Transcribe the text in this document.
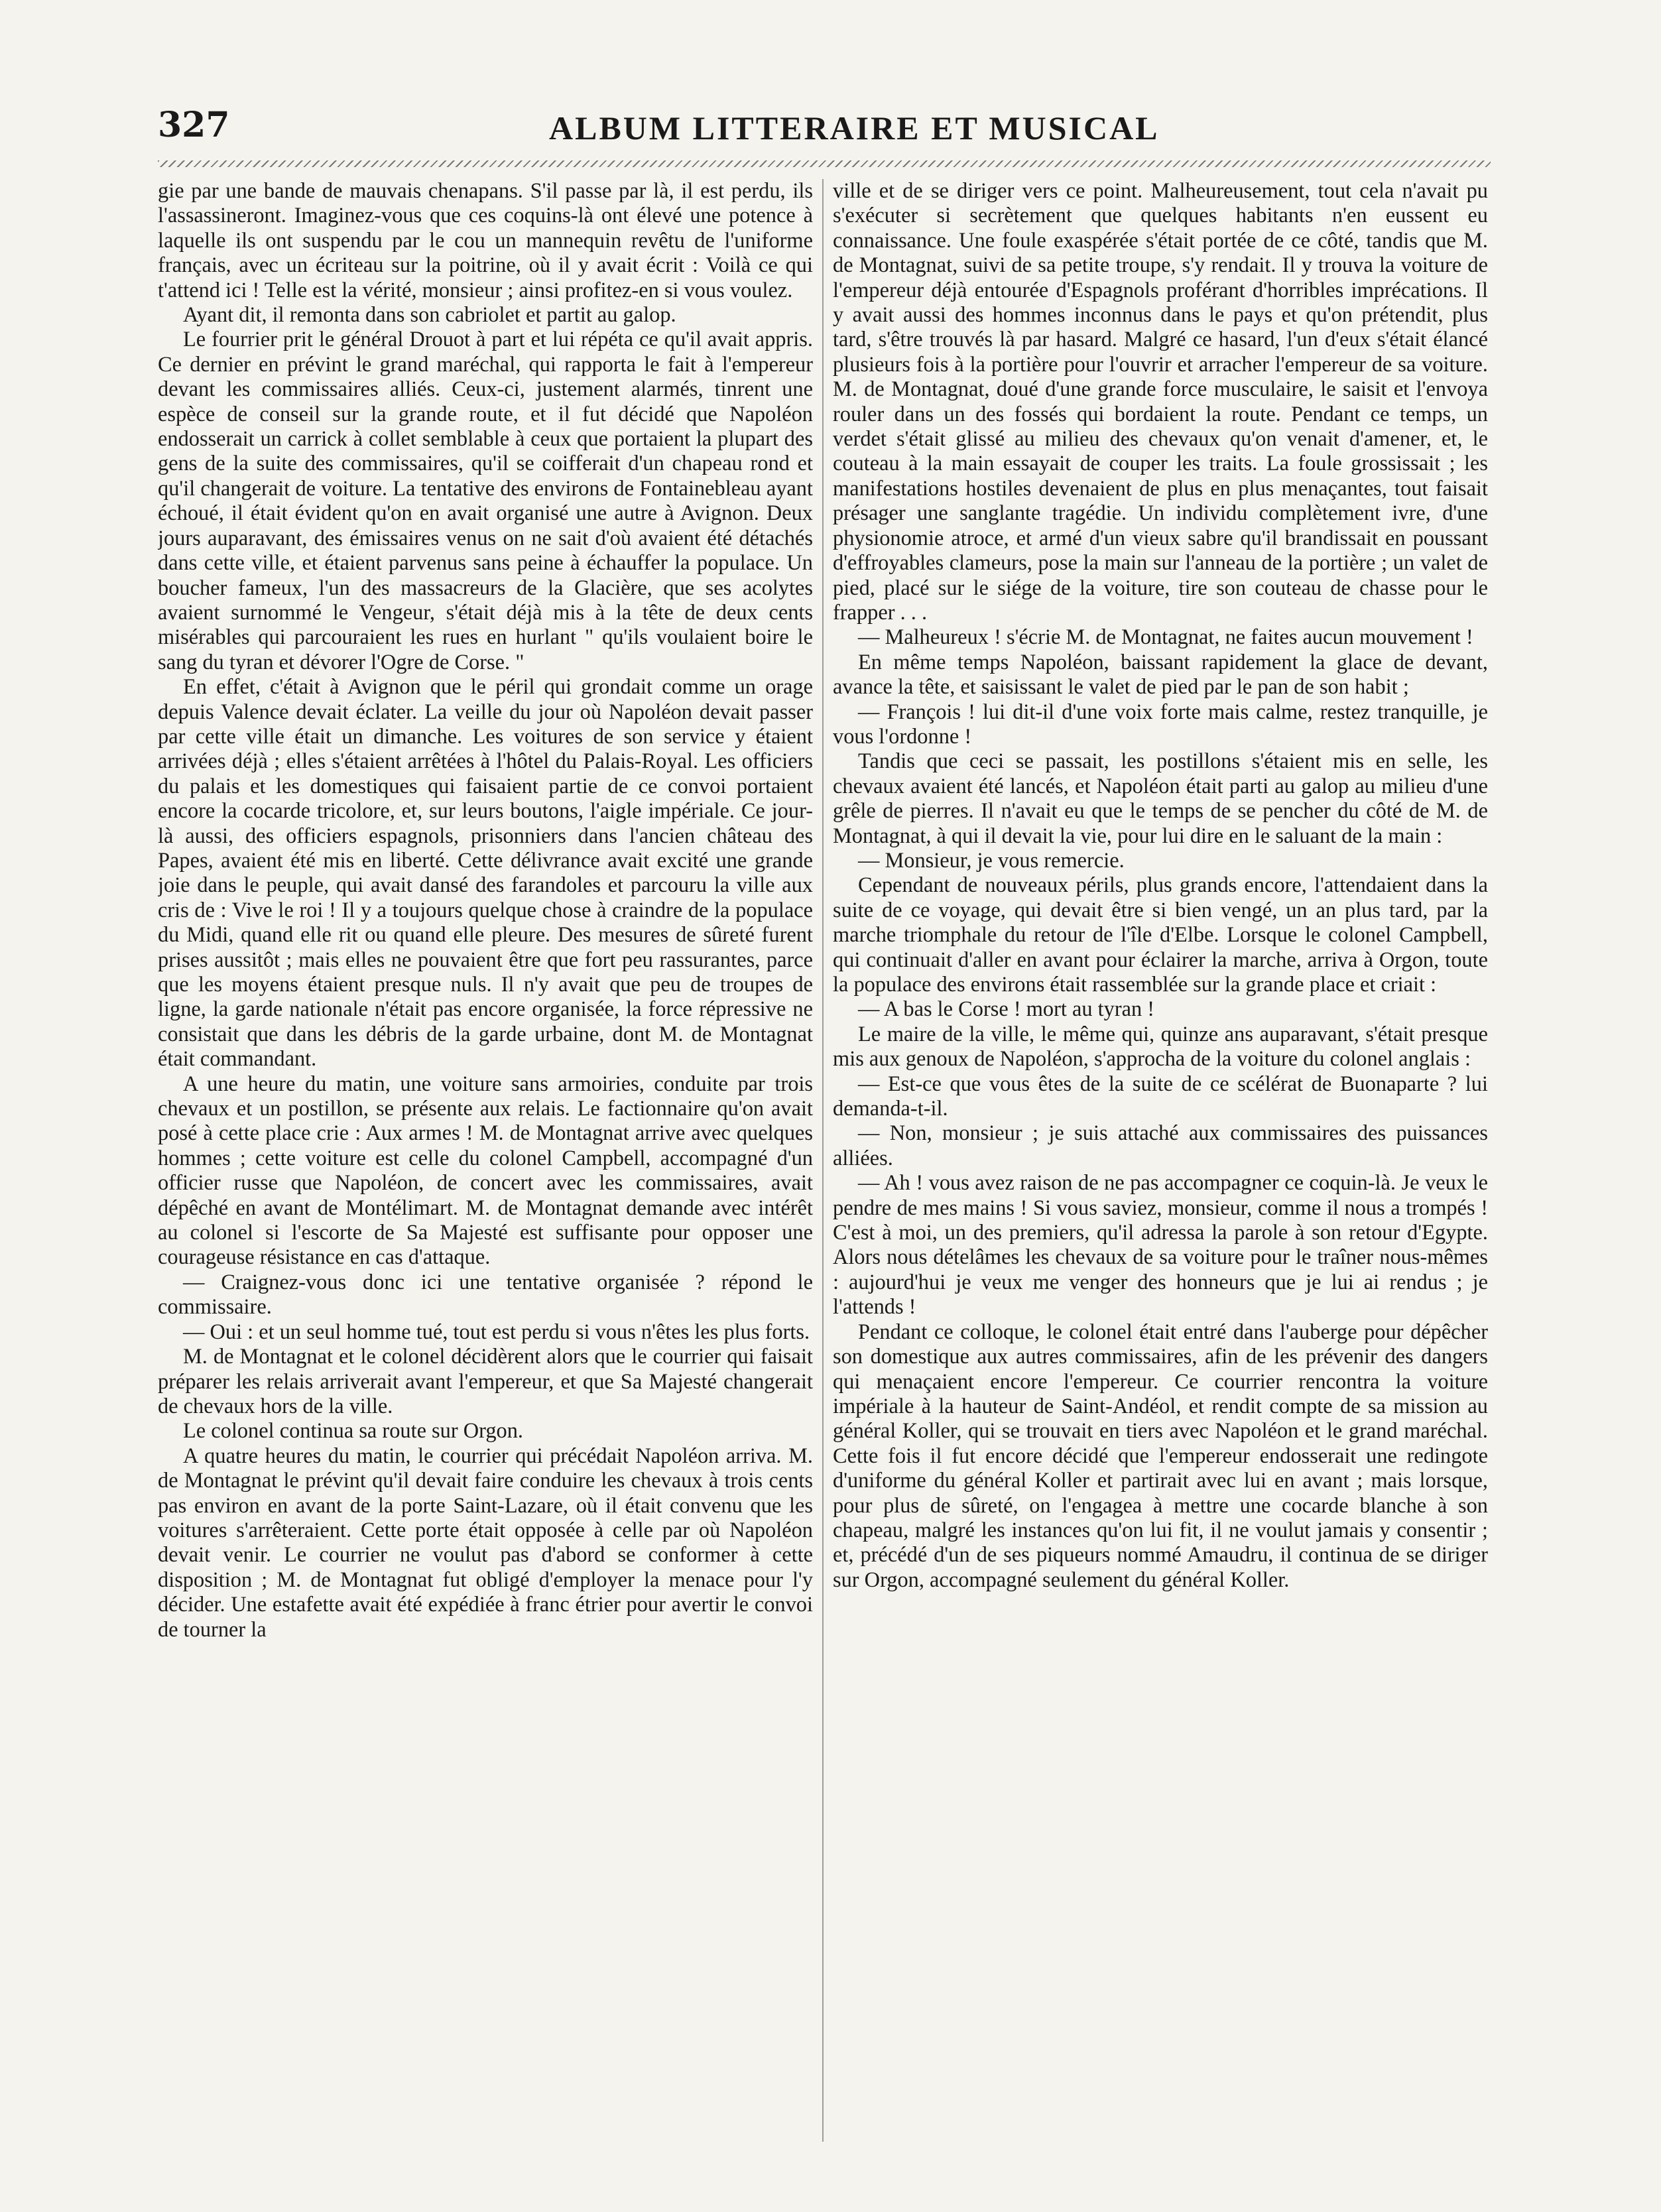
327	ALBUM LITTERAIRE ET MUSICAL

gie par une bande de mauvais chenapans. S'il passe par là, il est perdu, ils l'assassineront. Imaginez-vous que ces coquins-là ont élevé une potence à laquelle ils ont suspendu par le cou un mannequin revêtu de l'uniforme français, avec un écriteau sur la poitrine, où il y avait écrit : Voilà ce qui t'attend ici ! Telle est la vérité, monsieur ; ainsi profitez-en si vous voulez.

Ayant dit, il remonta dans son cabriolet et partit au galop.

Le fourrier prit le général Drouot à part et lui répéta ce qu'il avait appris. Ce dernier en prévint le grand maréchal, qui rapporta le fait à l'empereur devant les commissaires alliés. Ceux-ci, justement alarmés, tinrent une espèce de conseil sur la grande route, et il fut décidé que Napoléon endosserait un carrick à collet semblable à ceux que portaient la plupart des gens de la suite des commissaires, qu'il se coifferait d'un chapeau rond et qu'il changerait de voiture. La tentative des environs de Fontainebleau ayant échoué, il était évident qu'on en avait organisé une autre à Avignon. Deux jours auparavant, des émissaires venus on ne sait d'où avaient été détachés dans cette ville, et étaient parvenus sans peine à échauffer la populace. Un boucher fameux, l'un des massacreurs de la Glacière, que ses acolytes avaient surnommé le Vengeur, s'était déjà mis à la tête de deux cents misérables qui parcouraient les rues en hurlant " qu'ils voulaient boire le sang du tyran et dévorer l'Ogre de Corse. "

En effet, c'était à Avignon que le péril qui grondait comme un orage depuis Valence devait éclater. La veille du jour où Napoléon devait passer par cette ville était un dimanche. Les voitures de son service y étaient arrivées déjà ; elles s'étaient arrêtées à l'hôtel du Palais-Royal. Les officiers du palais et les domestiques qui faisaient partie de ce convoi portaient encore la cocarde tricolore, et, sur leurs boutons, l'aigle impériale. Ce jour-là aussi, des officiers espagnols, prisonniers dans l'ancien château des Papes, avaient été mis en liberté. Cette délivrance avait excité une grande joie dans le peuple, qui avait dansé des farandoles et parcouru la ville aux cris de : Vive le roi ! Il y a toujours quelque chose à craindre de la populace du Midi, quand elle rit ou quand elle pleure. Des mesures de sûreté furent prises aussitôt ; mais elles ne pouvaient être que fort peu rassurantes, parce que les moyens étaient presque nuls. Il n'y avait que peu de troupes de ligne, la garde nationale n'était pas encore organisée, la force répressive ne consistait que dans les débris de la garde urbaine, dont M. de Montagnat était commandant.

A une heure du matin, une voiture sans armoiries, conduite par trois chevaux et un postillon, se présente aux relais. Le factionnaire qu'on avait posé à cette place crie : Aux armes ! M. de Montagnat arrive avec quelques hommes ; cette voiture est celle du colonel Campbell, accompagné d'un officier russe que Napoléon, de concert avec les commissaires, avait dépêché en avant de Montélimart. M. de Montagnat demande avec intérêt au colonel si l'escorte de Sa Majesté est suffisante pour opposer une courageuse résistance en cas d'attaque.

— Craignez-vous donc ici une tentative organisée ? répond le commissaire.

— Oui : et un seul homme tué, tout est perdu si vous n'êtes les plus forts.

M. de Montagnat et le colonel décidèrent alors que le courrier qui faisait préparer les relais arriverait avant l'empereur, et que Sa Majesté changerait de chevaux hors de la ville.

Le colonel continua sa route sur Orgon.

A quatre heures du matin, le courrier qui précédait Napoléon arriva. M. de Montagnat le prévint qu'il devait faire conduire les chevaux à trois cents pas environ en avant de la porte Saint-Lazare, où il était convenu que les voitures s'arrêteraient. Cette porte était opposée à celle par où Napoléon devait venir. Le courrier ne voulut pas d'abord se conformer à cette disposition ; M. de Montagnat fut obligé d'employer la menace pour l'y décider. Une estafette avait été expédiée à franc étrier pour avertir le convoi de tourner la

ville et de se diriger vers ce point. Malheureusement, tout cela n'avait pu s'exécuter si secrètement que quelques habitants n'en eussent eu connaissance. Une foule exaspérée s'était portée de ce côté, tandis que M. de Montagnat, suivi de sa petite troupe, s'y rendait. Il y trouva la voiture de l'empereur déjà entourée d'Espagnols proférant d'horribles imprécations. Il y avait aussi des hommes inconnus dans le pays et qu'on prétendit, plus tard, s'être trouvés là par hasard. Malgré ce hasard, l'un d'eux s'était élancé plusieurs fois à la portière pour l'ouvrir et arracher l'empereur de sa voiture. M. de Montagnat, doué d'une grande force musculaire, le saisit et l'envoya rouler dans un des fossés qui bordaient la route. Pendant ce temps, un verdet s'était glissé au milieu des chevaux qu'on venait d'amener, et, le couteau à la main essayait de couper les traits. La foule grossissait ; les manifestations hostiles devenaient de plus en plus menaçantes, tout faisait présager une sanglante tragédie. Un individu complètement ivre, d'une physionomie atroce, et armé d'un vieux sabre qu'il brandissait en poussant d'effroyables clameurs, pose la main sur l'anneau de la portière ; un valet de pied, placé sur le siége de la voiture, tire son couteau de chasse pour le frapper . . .

— Malheureux ! s'écrie M. de Montagnat, ne faites aucun mouvement !

En même temps Napoléon, baissant rapidement la glace de devant, avance la tête, et saisissant le valet de pied par le pan de son habit ;

— François ! lui dit-il d'une voix forte mais calme, restez tranquille, je vous l'ordonne !

Tandis que ceci se passait, les postillons s'étaient mis en selle, les chevaux avaient été lancés, et Napoléon était parti au galop au milieu d'une grêle de pierres. Il n'avait eu que le temps de se pencher du côté de M. de Montagnat, à qui il devait la vie, pour lui dire en le saluant de la main :

— Monsieur, je vous remercie.

Cependant de nouveaux périls, plus grands encore, l'attendaient dans la suite de ce voyage, qui devait être si bien vengé, un an plus tard, par la marche triomphale du retour de l'île d'Elbe. Lorsque le colonel Campbell, qui continuait d'aller en avant pour éclairer la marche, arriva à Orgon, toute la populace des environs était rassemblée sur la grande place et criait :

— A bas le Corse ! mort au tyran !

Le maire de la ville, le même qui, quinze ans auparavant, s'était presque mis aux genoux de Napoléon, s'approcha de la voiture du colonel anglais :

— Est-ce que vous êtes de la suite de ce scélérat de Buonaparte ? lui demanda-t-il.

— Non, monsieur ; je suis attaché aux commissaires des puissances alliées.

— Ah ! vous avez raison de ne pas accompagner ce coquin-là. Je veux le pendre de mes mains ! Si vous saviez, monsieur, comme il nous a trompés ! C'est à moi, un des premiers, qu'il adressa la parole à son retour d'Egypte. Alors nous dételâmes les chevaux de sa voiture pour le traîner nous-mêmes : aujourd'hui je veux me venger des honneurs que je lui ai rendus ; je l'attends !

Pendant ce colloque, le colonel était entré dans l'auberge pour dépêcher son domestique aux autres commissaires, afin de les prévenir des dangers qui menaçaient encore l'empereur. Ce courrier rencontra la voiture impériale à la hauteur de Saint-Andéol, et rendit compte de sa mission au général Koller, qui se trouvait en tiers avec Napoléon et le grand maréchal. Cette fois il fut encore décidé que l'empereur endosserait une redingote d'uniforme du général Koller et partirait avec lui en avant ; mais lorsque, pour plus de sûreté, on l'engagea à mettre une cocarde blanche à son chapeau, malgré les instances qu'on lui fit, il ne voulut jamais y consentir ; et, précédé d'un de ses piqueurs nommé Amaudru, il continua de se diriger sur Orgon, accompagné seulement du général Koller.
